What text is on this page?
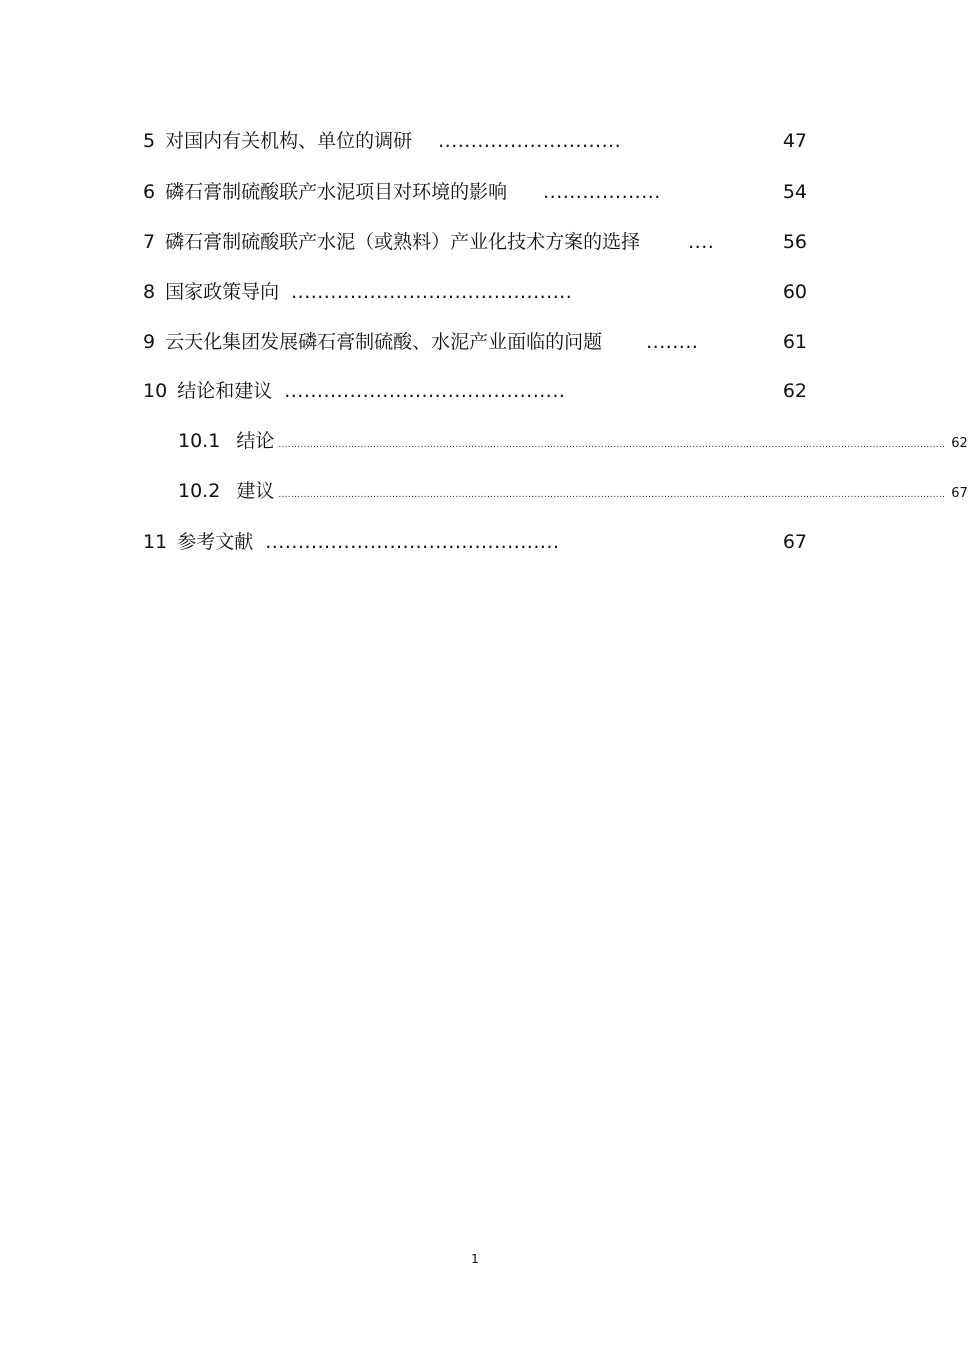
5 对国内有关机构、单位的调研 ............................	47
6 磷石膏制硫酸联产水泥项目对环境的影响 ..................	54
7 磷石膏制硫酸联产水泥（或熟料）产业化技术方案的选择	....	56
8 国家政策导向 ...........................................	60
9 云天化集团发展磷石膏制硫酸、水泥产业面临的问题 ........	61
10 结论和建议 ...........................................	62
10.1 结论 ................................................................................................................................................................................................................... 62
10.2 建议 ................................................................................................................................................................................................................... 67
11 参考文献 .............................................	67
1
